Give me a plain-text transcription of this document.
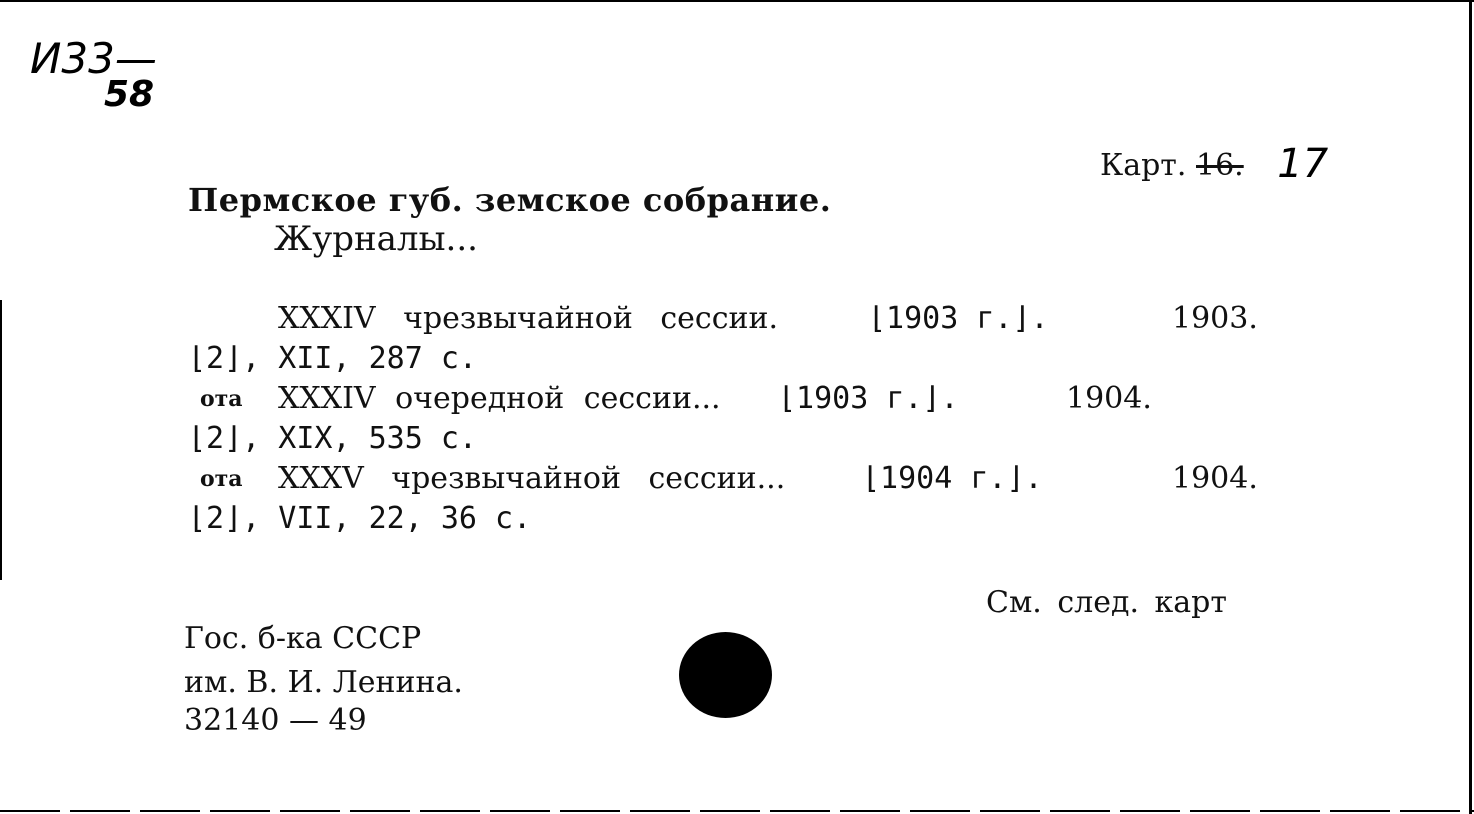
И33—
58
Карт. 16. 17
Пермское губ. земское собрание.
Журналы...
XXXIV чрезвычайной сессии.	⌊1903 г.⌋.	1903.
⌊2⌋, XII, 287 с.
ота XXXIV очередной сессии... ⌊1903 г.⌋.	1904.
⌊2⌋, XIX, 535 с.
ота XXXV чрезвычайной сессии...	⌊1904 г.⌋.	1904.
⌊2⌋, VII, 22, 36 с.
См. след. карт
Гос. б-ка СССР
им. В. И. Ленина.
32140 — 49
